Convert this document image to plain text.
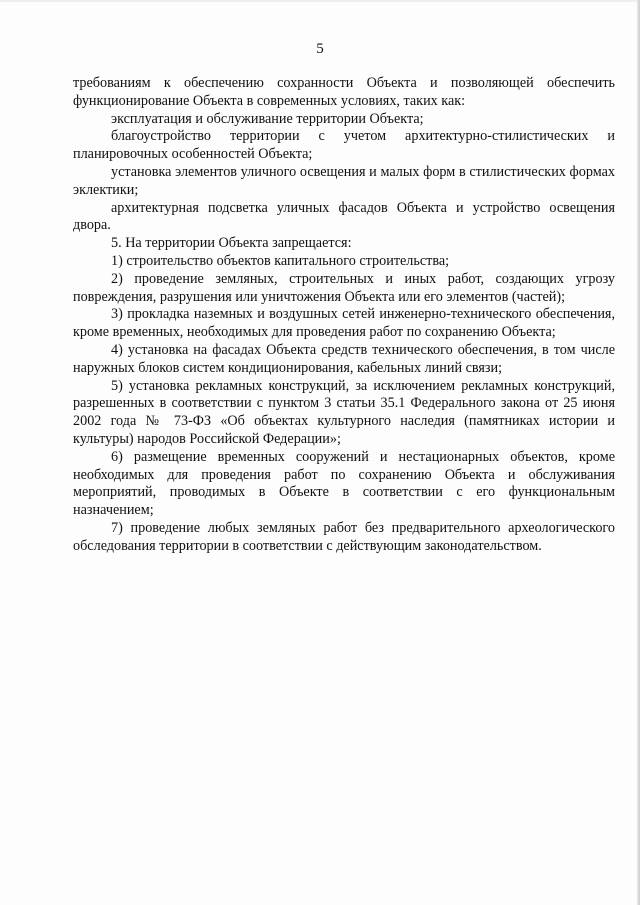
5

требованиям к обеспечению сохранности Объекта и позволяющей обеспечить функционирование Объекта в современных условиях, таких как:

эксплуатация и обслуживание территории Объекта;

благоустройство территории с учетом архитектурно-стилистических и планировочных особенностей Объекта;

установка элементов уличного освещения и малых форм в стилистических формах эклектики;

архитектурная подсветка уличных фасадов Объекта и устройство освещения двора.

5. На территории Объекта запрещается:

1) строительство объектов капитального строительства;

2) проведение земляных, строительных и иных работ, создающих угрозу повреждения, разрушения или уничтожения Объекта или его элементов (частей);

3) прокладка наземных и воздушных сетей инженерно-технического обеспечения, кроме временных, необходимых для проведения работ по сохранению Объекта;

4) установка на фасадах Объекта средств технического обеспечения, в том числе наружных блоков систем кондиционирования, кабельных линий связи;

5) установка рекламных конструкций, за исключением рекламных конструкций, разрешенных в соответствии с пунктом 3 статьи 35.1 Федерального закона от 25 июня 2002 года № 73-ФЗ «Об объектах культурного наследия (памятниках истории и культуры) народов Российской Федерации»;

6) размещение временных сооружений и нестационарных объектов, кроме необходимых для проведения работ по сохранению Объекта и обслуживания мероприятий, проводимых в Объекте в соответствии с его функциональным назначением;

7) проведение любых земляных работ без предварительного археологического обследования территории в соответствии с действующим законодательством.
